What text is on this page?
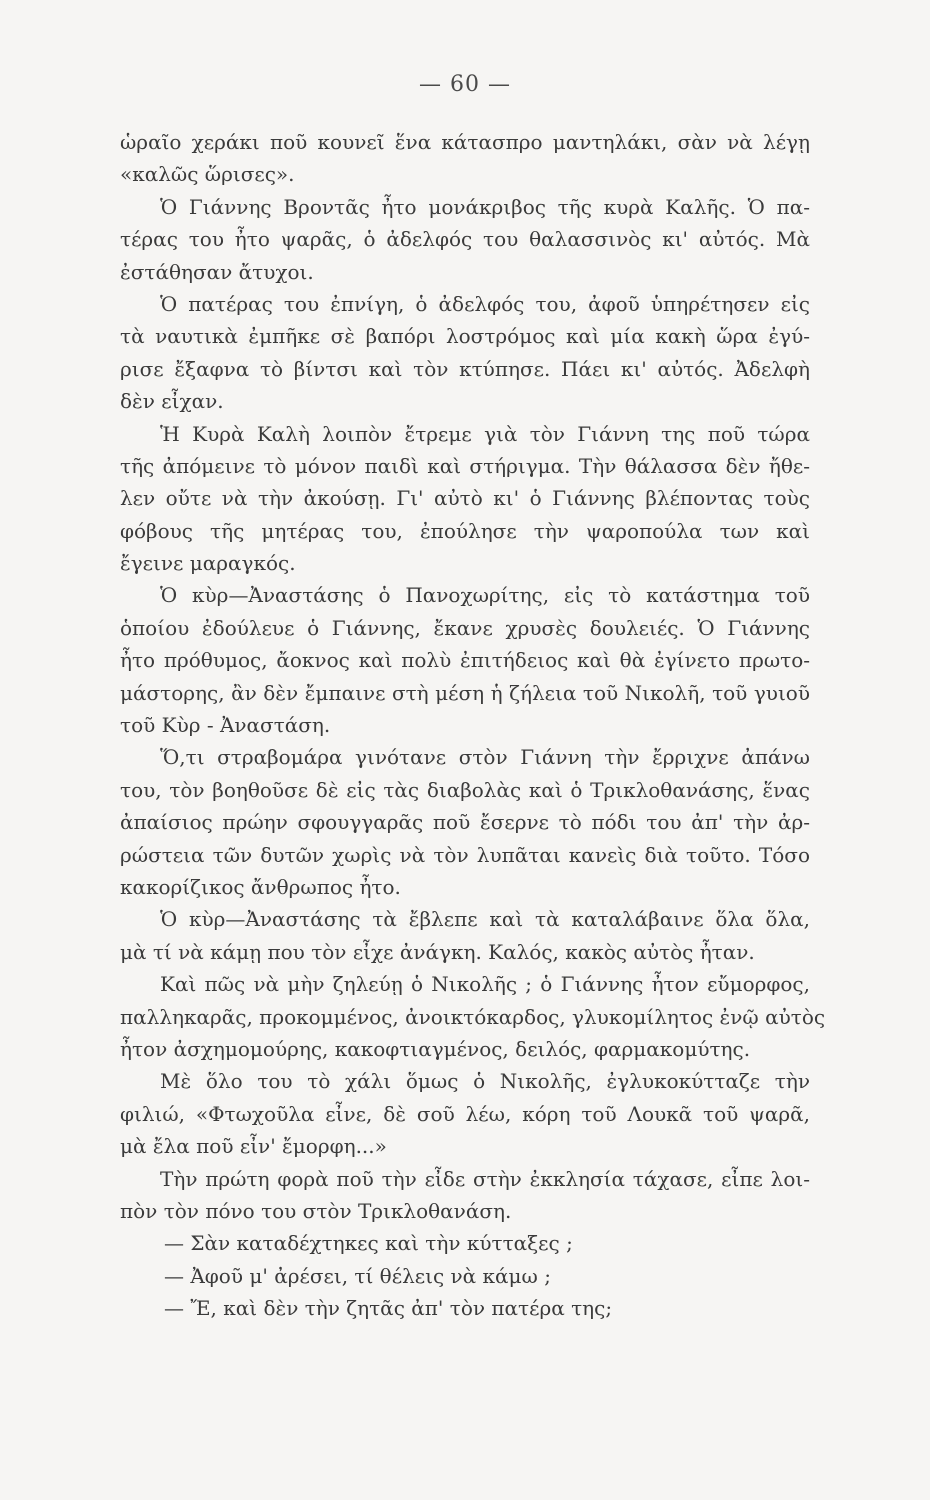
— 60 —
ὡραῖο χεράκι ποῦ κουνεῖ ἕνα κάτασπρο μαντηλάκι, σὰν νὰ λέγῃ
«καλῶς ὥρισες».
Ὁ Γιάννης Βροντᾶς ἦτο μονάκριβος τῆς κυρὰ Καλῆς. Ὁ πα-
τέρας του ἦτο ψαρᾶς, ὁ ἀδελφός του θαλασσινὸς κι' αὐτός. Μὰ
ἐστάθησαν ἄτυχοι.
Ὁ πατέρας του ἐπνίγη, ὁ ἀδελφός του, ἀφοῦ ὑπηρέτησεν εἰς
τὰ ναυτικὰ ἐμπῆκε σὲ βαπόρι λοστρόμος καὶ μία κακὴ ὥρα ἐγύ-
ρισε ἔξαφνα τὸ βίντσι καὶ τὸν κτύπησε. Πάει κι' αὐτός. Ἀδελφὴ
δὲν εἶχαν.
Ἡ Κυρὰ Καλὴ λοιπὸν ἔτρεμε γιὰ τὸν Γιάννη της ποῦ τώρα
τῆς ἀπόμεινε τὸ μόνον παιδὶ καὶ στήριγμα. Τὴν θάλασσα δὲν ἤθε-
λεν οὔτε νὰ τὴν ἀκούσῃ. Γι' αὐτὸ κι' ὁ Γιάννης βλέποντας τοὺς
φόβους τῆς μητέρας του, ἐπούλησε τὴν ψαροπούλα των καὶ
ἔγεινε μαραγκός.
Ὁ κὺρ—Ἀναστάσης ὁ Πανοχωρίτης, εἰς τὸ κατάστημα τοῦ
ὁποίου ἐδούλευε ὁ Γιάννης, ἔκανε χρυσὲς δουλειές. Ὁ Γιάννης
ἦτο πρόθυμος, ἄοκνος καὶ πολὺ ἐπιτήδειος καὶ θὰ ἐγίνετο πρωτο-
μάστορης, ἂν δὲν ἔμπαινε στὴ μέση ἡ ζήλεια τοῦ Νικολῆ, τοῦ γυιοῦ
τοῦ Κὺρ - Ἀναστάση.
Ὅ,τι στραβομάρα γινότανε στὸν Γιάννη τὴν ἔρριχνε ἀπάνω
του, τὸν βοηθοῦσε δὲ εἰς τὰς διαβολὰς καὶ ὁ Τρικλοθανάσης, ἕνας
ἀπαίσιος πρώην σφουγγαρᾶς ποῦ ἔσερνε τὸ πόδι του ἀπ' τὴν ἀρ-
ρώστεια τῶν δυτῶν χωρὶς νὰ τὸν λυπᾶται κανεὶς διὰ τοῦτο. Τόσο
κακορίζικος ἄνθρωπος ἦτο.
Ὁ κὺρ—Ἀναστάσης τὰ ἔβλεπε καὶ τὰ καταλάβαινε ὅλα ὅλα,
μὰ τί νὰ κάμῃ που τὸν εἶχε ἀνάγκη. Καλός, κακὸς αὐτὸς ἦταν.
Καὶ πῶς νὰ μὴν ζηλεύῃ ὁ Νικολῆς ; ὁ Γιάννης ἦτον εὔμορφος,
παλληκαρᾶς, προκομμένος, ἀνοικτόκαρδος, γλυκομίλητος ἐνῷ αὐτὸς
ἦτον ἀσχημομούρης, κακοφτιαγμένος, δειλός, φαρμακομύτης.
Μὲ ὅλο του τὸ χάλι ὅμως ὁ Νικολῆς, ἐγλυκοκύτταζε τὴν
φιλιώ, «Φτωχοῦλα εἶνε, δὲ σοῦ λέω, κόρη τοῦ Λουκᾶ τοῦ ψαρᾶ,
μὰ ἔλα ποῦ εἶν' ἔμορφη...»
Τὴν πρώτη φορὰ ποῦ τὴν εἶδε στὴν ἐκκλησία τάχασε, εἶπε λοι-
πὸν τὸν πόνο του στὸν Τρικλοθανάση.
— Σὰν καταδέχτηκες καὶ τὴν κύτταξες ;
— Ἀφοῦ μ' ἀρέσει, τί θέλεις νὰ κάμω ;
— Ἔ, καὶ δὲν τὴν ζητᾶς ἀπ' τὸν πατέρα της;
